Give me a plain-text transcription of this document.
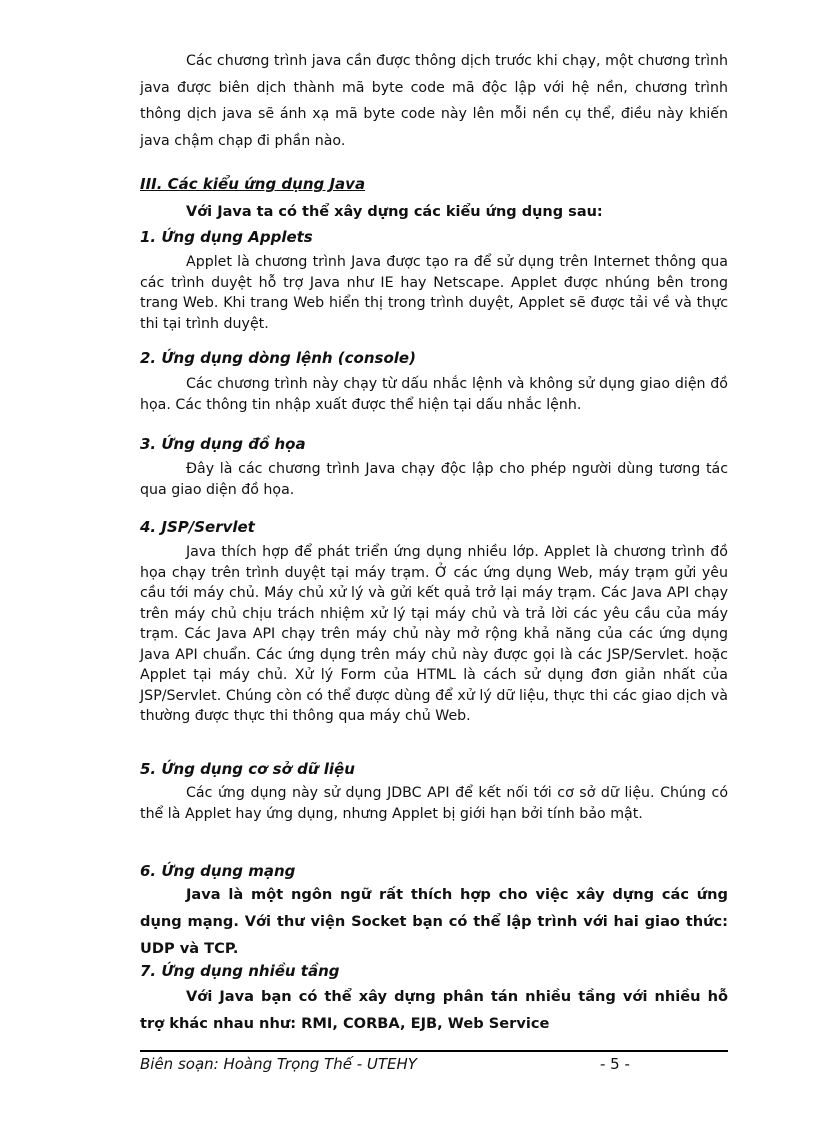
Các chương trình java cần được thông dịch trước khi chạy, một chương trình java được biên dịch thành mã byte code mã độc lập với hệ nền, chương trình thông dịch java sẽ ánh xạ mã byte code này lên mỗi nền cụ thể, điều này khiến java chậm chạp đi phần nào.

III. Các kiểu ứng dụng Java

Với Java ta có thể xây dựng các kiểu ứng dụng sau:

1. Ứng dụng Applets

Applet là chương trình Java được tạo ra để sử dụng trên Internet thông qua các trình duyệt hỗ trợ Java như IE hay Netscape. Applet được nhúng bên trong trang Web. Khi trang Web hiển thị trong trình duyệt, Applet sẽ được tải về và thực thi tại trình duyệt.

2. Ứng dụng dòng lệnh (console)

Các chương trình này chạy từ dấu nhắc lệnh và không sử dụng giao diện đồ họa. Các thông tin nhập xuất được thể hiện tại dấu nhắc lệnh.

3. Ứng dụng đồ họa

Đây là các chương trình Java chạy độc lập cho phép người dùng tương tác qua giao diện đồ họa.

4. JSP/Servlet

Java thích hợp để phát triển ứng dụng nhiều lớp. Applet là chương trình đồ họa chạy trên trình duyệt tại máy trạm. Ở các ứng dụng Web, máy trạm gửi yêu cầu tới máy chủ. Máy chủ xử lý và gửi kết quả trở lại máy trạm. Các Java API chạy trên máy chủ chịu trách nhiệm xử lý tại máy chủ và trả lời các yêu cầu của máy trạm. Các Java API chạy trên máy chủ này mở rộng khả năng của các ứng dụng Java API chuẩn. Các ứng dụng trên máy chủ này được gọi là các JSP/Servlet. hoặc Applet tại máy chủ. Xử lý Form của HTML là cách sử dụng đơn giản nhất của JSP/Servlet. Chúng còn có thể được dùng để xử lý dữ liệu, thực thi các giao dịch và thường được thực thi thông qua máy chủ Web.

5. Ứng dụng cơ sở dữ liệu

Các ứng dụng này sử dụng JDBC API để kết nối tới cơ sở dữ liệu. Chúng có thể là Applet hay ứng dụng, nhưng Applet bị giới hạn bởi tính bảo mật.

6. Ứng dụng mạng

Java là một ngôn ngữ rất thích hợp cho việc xây dựng các ứng dụng mạng. Với thư viện Socket bạn có thể lập trình với hai giao thức: UDP và TCP.

7. Ứng dụng nhiều tầng

Với Java bạn có thể xây dựng phân tán nhiều tầng với nhiều hỗ trợ khác nhau như: RMI, CORBA, EJB, Web Service

Biên soạn: Hoàng Trọng Thế - UTEHY	- 5 -
